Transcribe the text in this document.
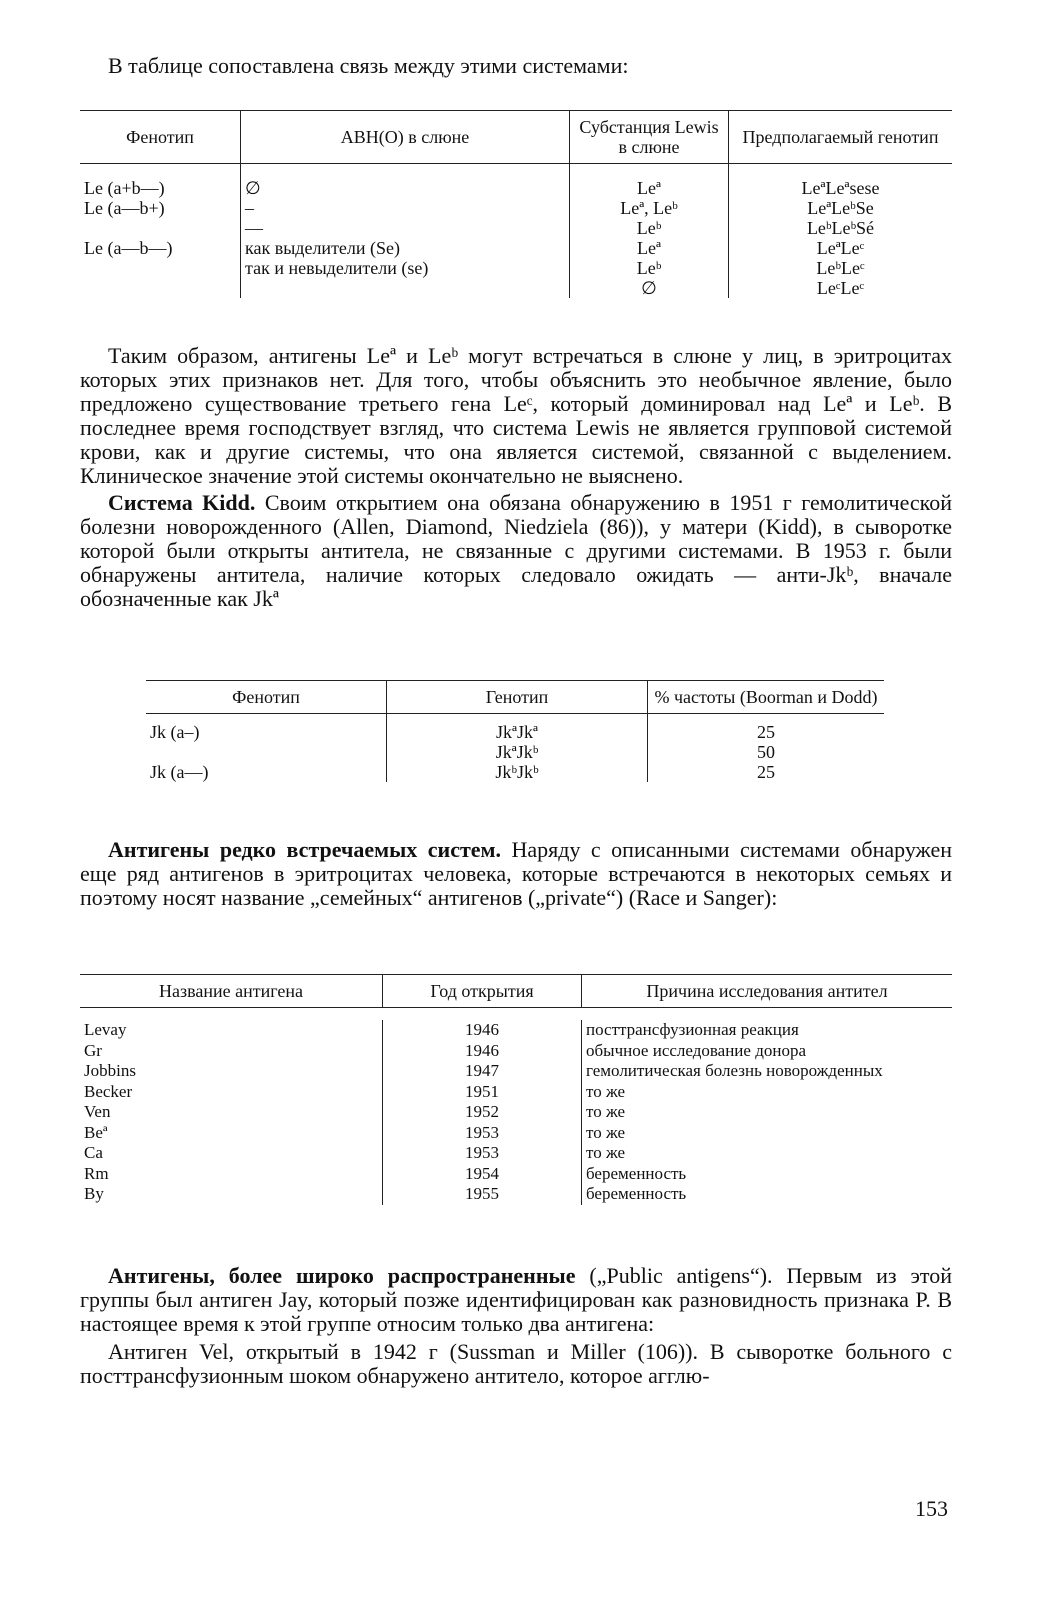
В таблице сопоставлена связь между этими системами:
Фенотип	ABH(O) в слюне	Субстанция Lewis в слюне	Предполагаемый генотип
Le (a+b—)	∅	Leª	LeªLeªsese
Le (a—b+)	–	Leª, Leᵇ	LeªLeᵇSe
	—	Leᵇ	LeᵇLeᵇSé
Le (a—b—)	как выделители (Se)	Leª	LeªLeᶜ
	так и невыделители (se)	Leᵇ	LeᵇLeᶜ
		∅	LeᶜLeᶜ

Таким образом, антигены Leª и Leᵇ могут встречаться в слюне у лиц, в эритроцитах которых этих признаков нет. Для того, чтобы объяснить это необычное явление, было предложено существование третьего гена Leᶜ, который доминировал над Leª и Leᵇ. В последнее время господствует взгляд, что система Lewis не является групповой системой крови, как и другие системы, что она является системой, связанной с выделением. Клиническое значение этой системы окончательно не выяснено.

Система Kidd. Своим открытием она обязана обнаружению в 1951 г гемолитической болезни новорожденного (Allen, Diamond, Niedziela (86)), у матери (Kidd), в сыворотке которой были открыты антитела, не связанные с другими системами. В 1953 г. были обнаружены антитела, наличие которых следовало ожидать — анти-Jkᵇ, вначале обозначенные как Jkª

Фенотип	Генотип	% частоты (Boorman и Dodd)
Jk (a–)	JkªJkª	25
	JkªJkᵇ	50
Jk (a—)	JkᵇJkᵇ	25

Антигены редко встречаемых систем. Наряду с описанными системами обнаружен еще ряд антигенов в эритроцитах человека, которые встречаются в некоторых семьях и поэтому носят название „семейных“ антигенов („private“) (Race и Sanger):

Название антигена	Год открытия	Причина исследования антител

Levay	1946	посттрансфузионная реакция
Gr	1946	обычное исследование донора
Jobbins	1947	гемолитическая болезнь новорожденных
Becker	1951	то же
Ven	1952	то же
Beª	1953	то же
Ca	1953	то же
Rm	1954	беременность
By	1955	беременность

Антигены, более широко распространенные („Public antigens“). Первым из этой группы был антиген Jay, который позже идентифицирован как разновидность признака P. В настоящее время к этой группе относим только два антигена:

Антиген Vel, открытый в 1942 г (Sussman и Miller (106)). В сыворотке больного с посттрансфузионным шоком обнаружено антитело, которое агглю-

153
